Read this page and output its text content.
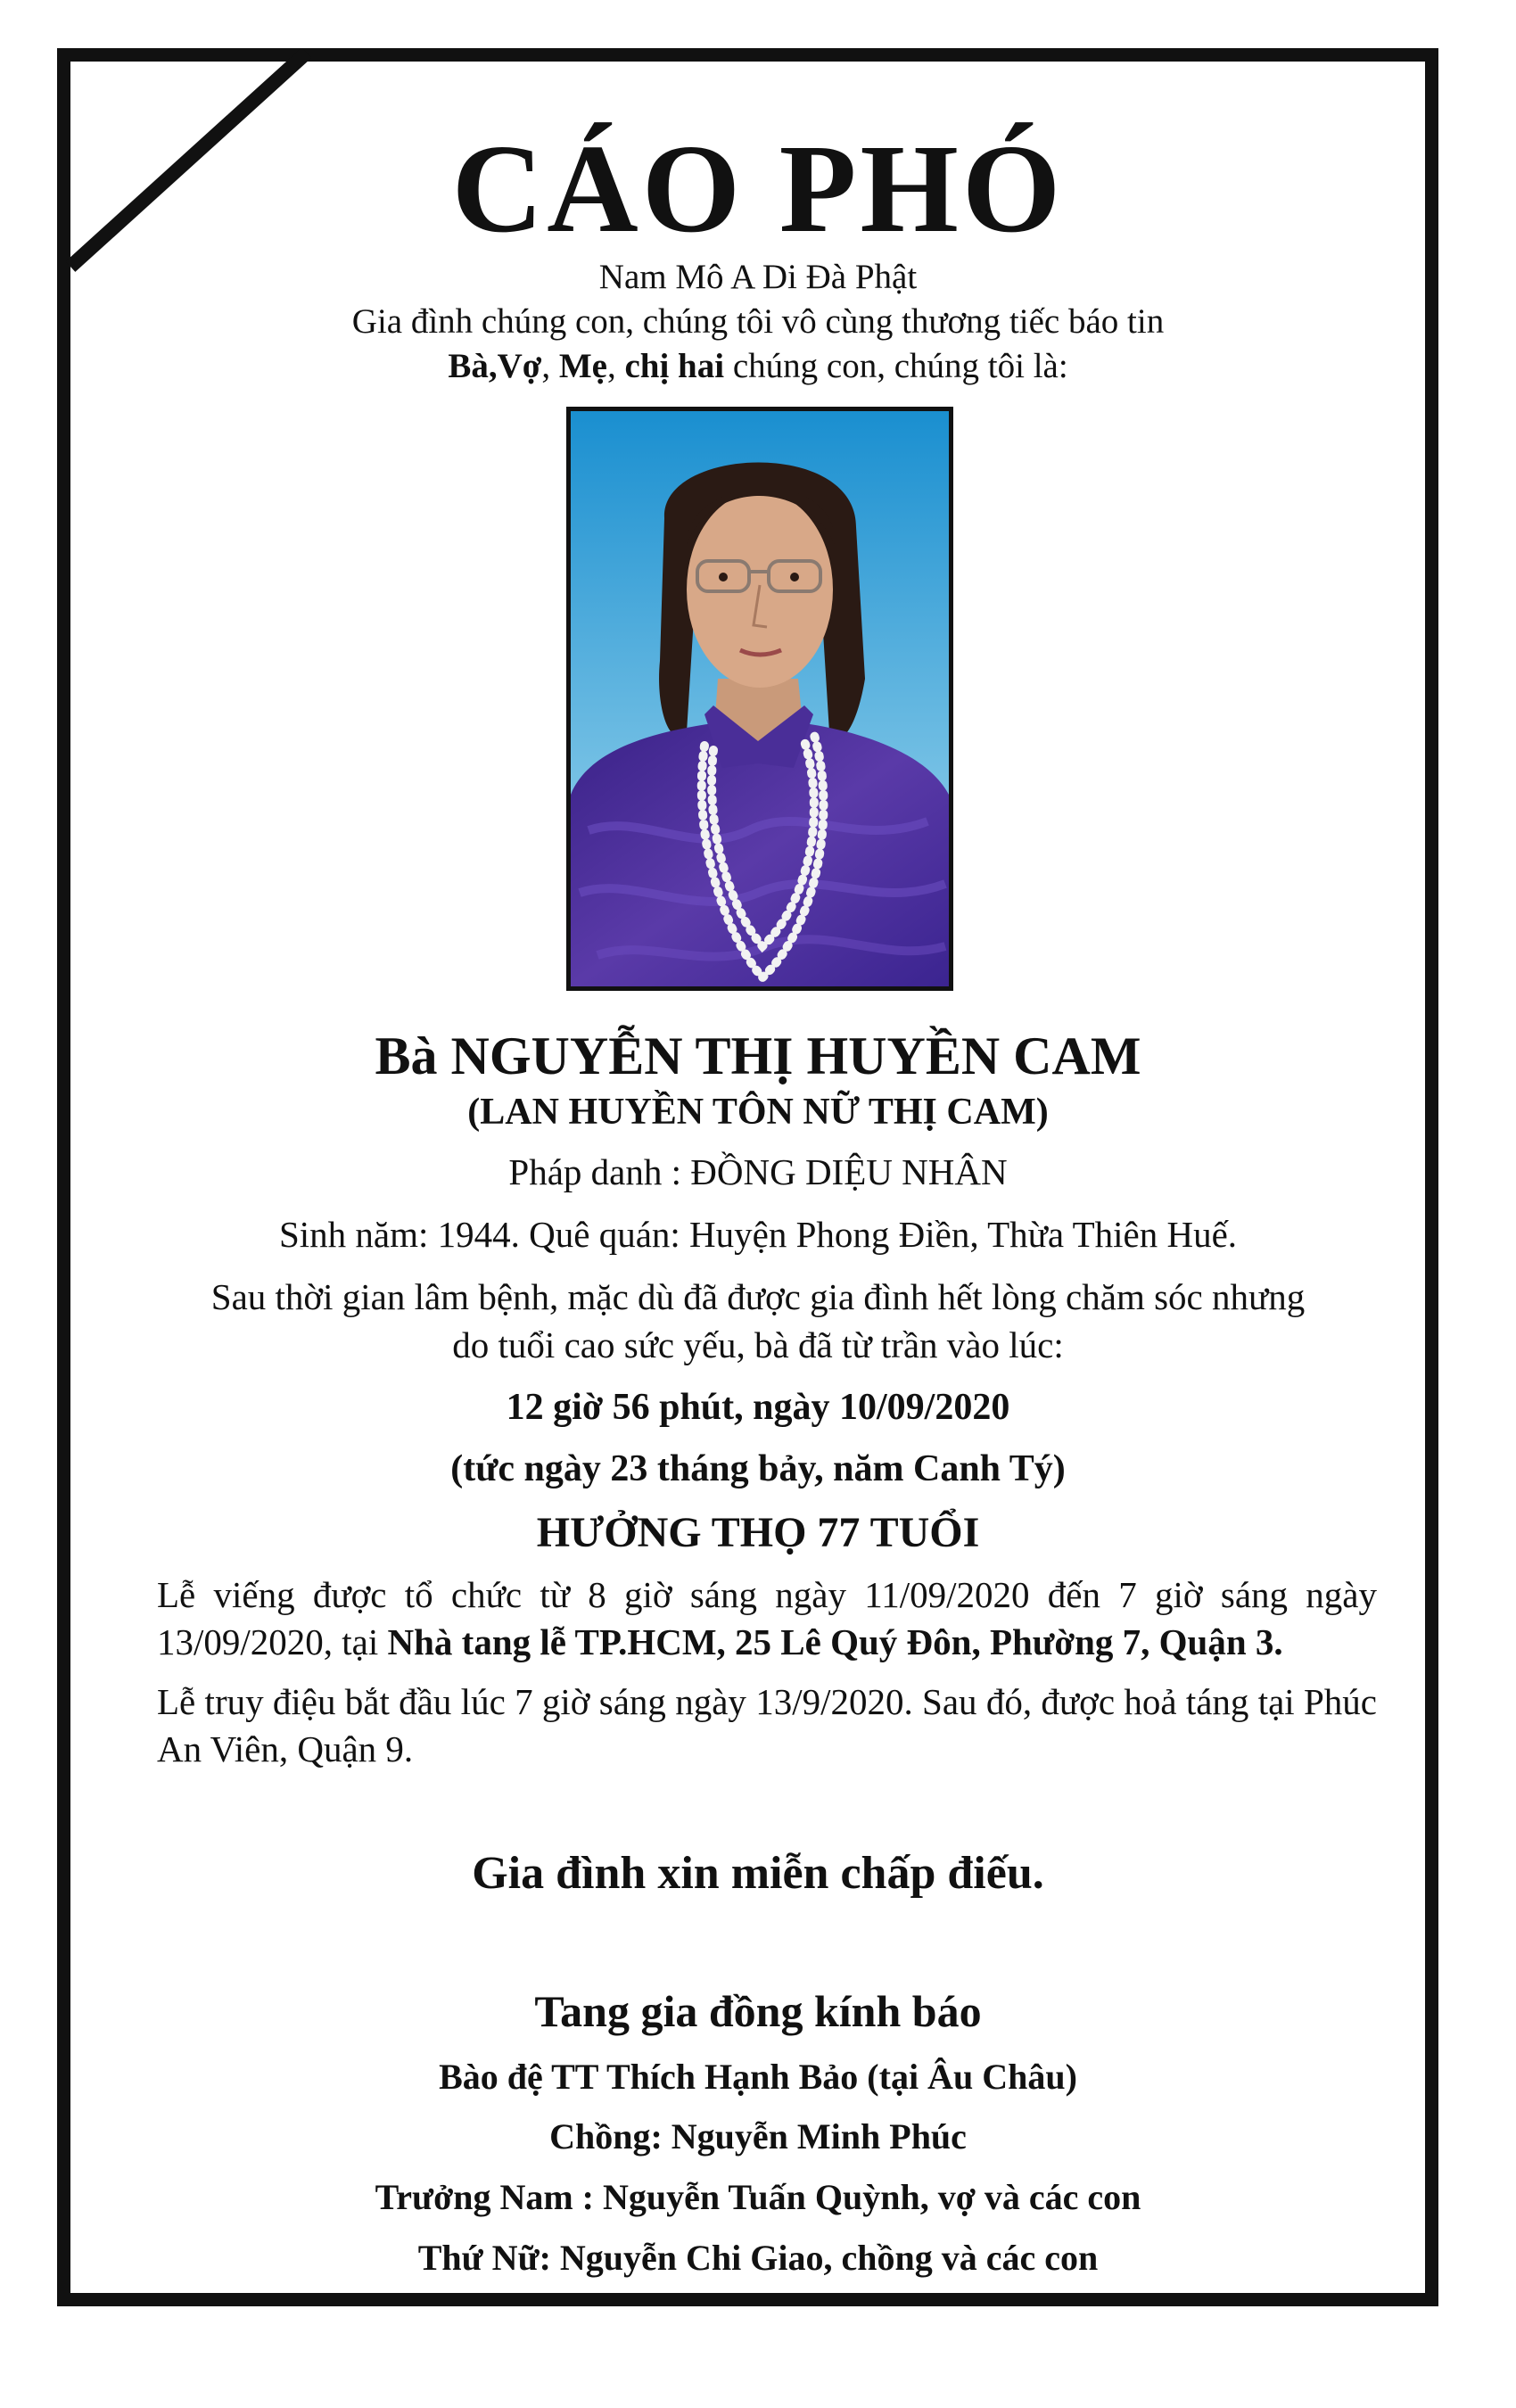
CÁO PHÓ
Nam Mô A Di Đà Phật
Gia đình chúng con, chúng tôi vô cùng thương tiếc báo tin
Bà,Vợ, Mẹ, chị hai chúng con, chúng tôi là:
Bà NGUYỄN THỊ HUYỀN CAM
(LAN HUYỀN TÔN NỮ THỊ CAM)
Pháp danh : ĐỒNG DIỆU NHÂN
Sinh năm: 1944. Quê quán: Huyện Phong Điền, Thừa Thiên Huế.
Sau thời gian lâm bệnh, mặc dù đã được gia đình hết lòng chăm sóc nhưng
do tuổi cao sức yếu, bà đã từ trần vào lúc:
12 giờ 56 phút, ngày 10/09/2020
(tức ngày 23 tháng bảy, năm Canh Tý)
HƯỞNG THỌ 77 TUỔI
Lễ viếng được tổ chức từ 8 giờ sáng ngày 11/09/2020 đến 7 giờ sáng ngày 13/09/2020, tại Nhà tang lễ TP.HCM, 25 Lê Quý Đôn, Phường 7, Quận 3.
Lễ truy điệu bắt đầu lúc 7 giờ sáng ngày 13/9/2020. Sau đó, được hoả táng tại Phúc An Viên, Quận 9.
Gia đình xin miễn chấp điếu.
Tang gia đồng kính báo
Bào đệ TT Thích Hạnh Bảo (tại Âu Châu)
Chồng: Nguyễn Minh Phúc
Trưởng Nam : Nguyễn Tuấn Quỳnh, vợ và các con
Thứ Nữ: Nguyễn Chi Giao, chồng và các con
